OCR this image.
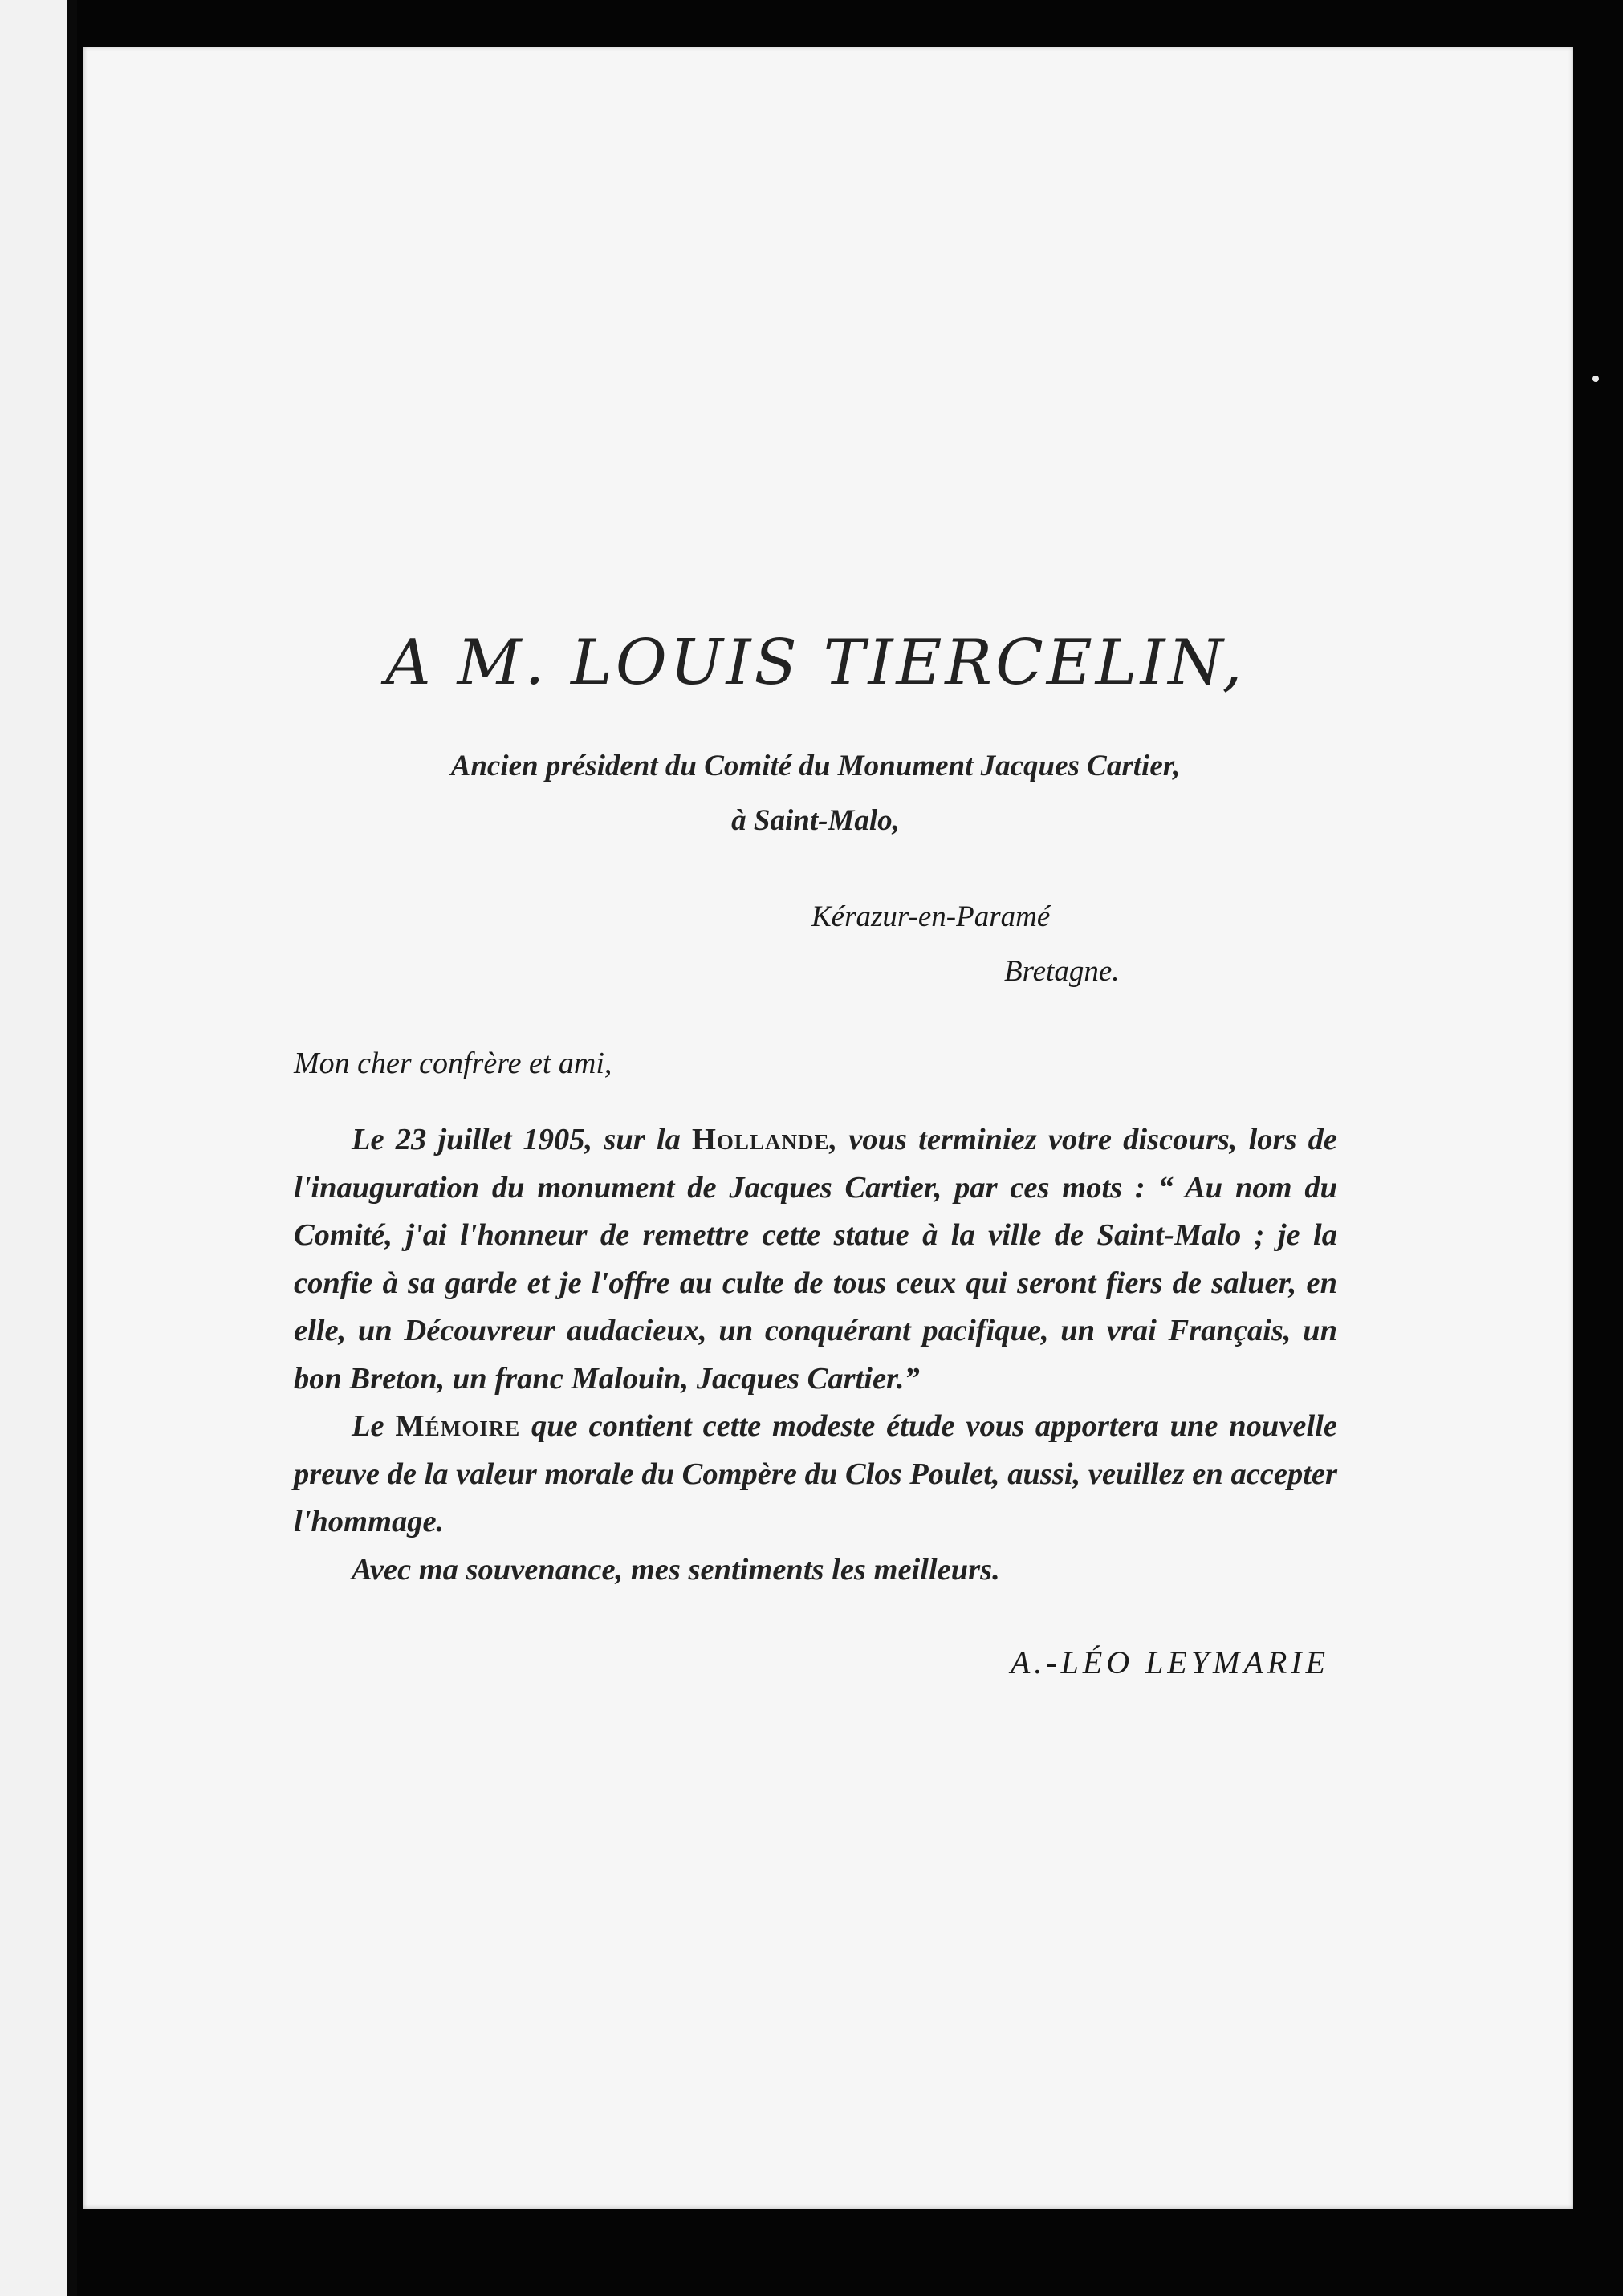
A M. LOUIS TIERCELIN,
Ancien président du Comité du Monument Jacques Cartier,
à Saint-Malo,
Kérazur-en-Paramé
Bretagne.
Mon cher confrère et ami,

Le 23 juillet 1905, sur la Hollande, vous terminiez votre discours, lors de l'inauguration du monument de Jacques Cartier, par ces mots : “ Au nom du Comité, j'ai l'honneur de remettre cette statue à la ville de Saint-Malo ; je la confie à sa garde et je l'offre au culte de tous ceux qui seront fiers de saluer, en elle, un Découvreur audacieux, un conquérant pacifique, un vrai Français, un bon Breton, un franc Malouin, Jacques Cartier.”

Le Mémoire que contient cette modeste étude vous apportera une nouvelle preuve de la valeur morale du Compère du Clos Poulet, aussi, veuillez en accepter l'hommage.

Avec ma souvenance, mes sentiments les meilleurs.

A.-LÉO LEYMARIE
